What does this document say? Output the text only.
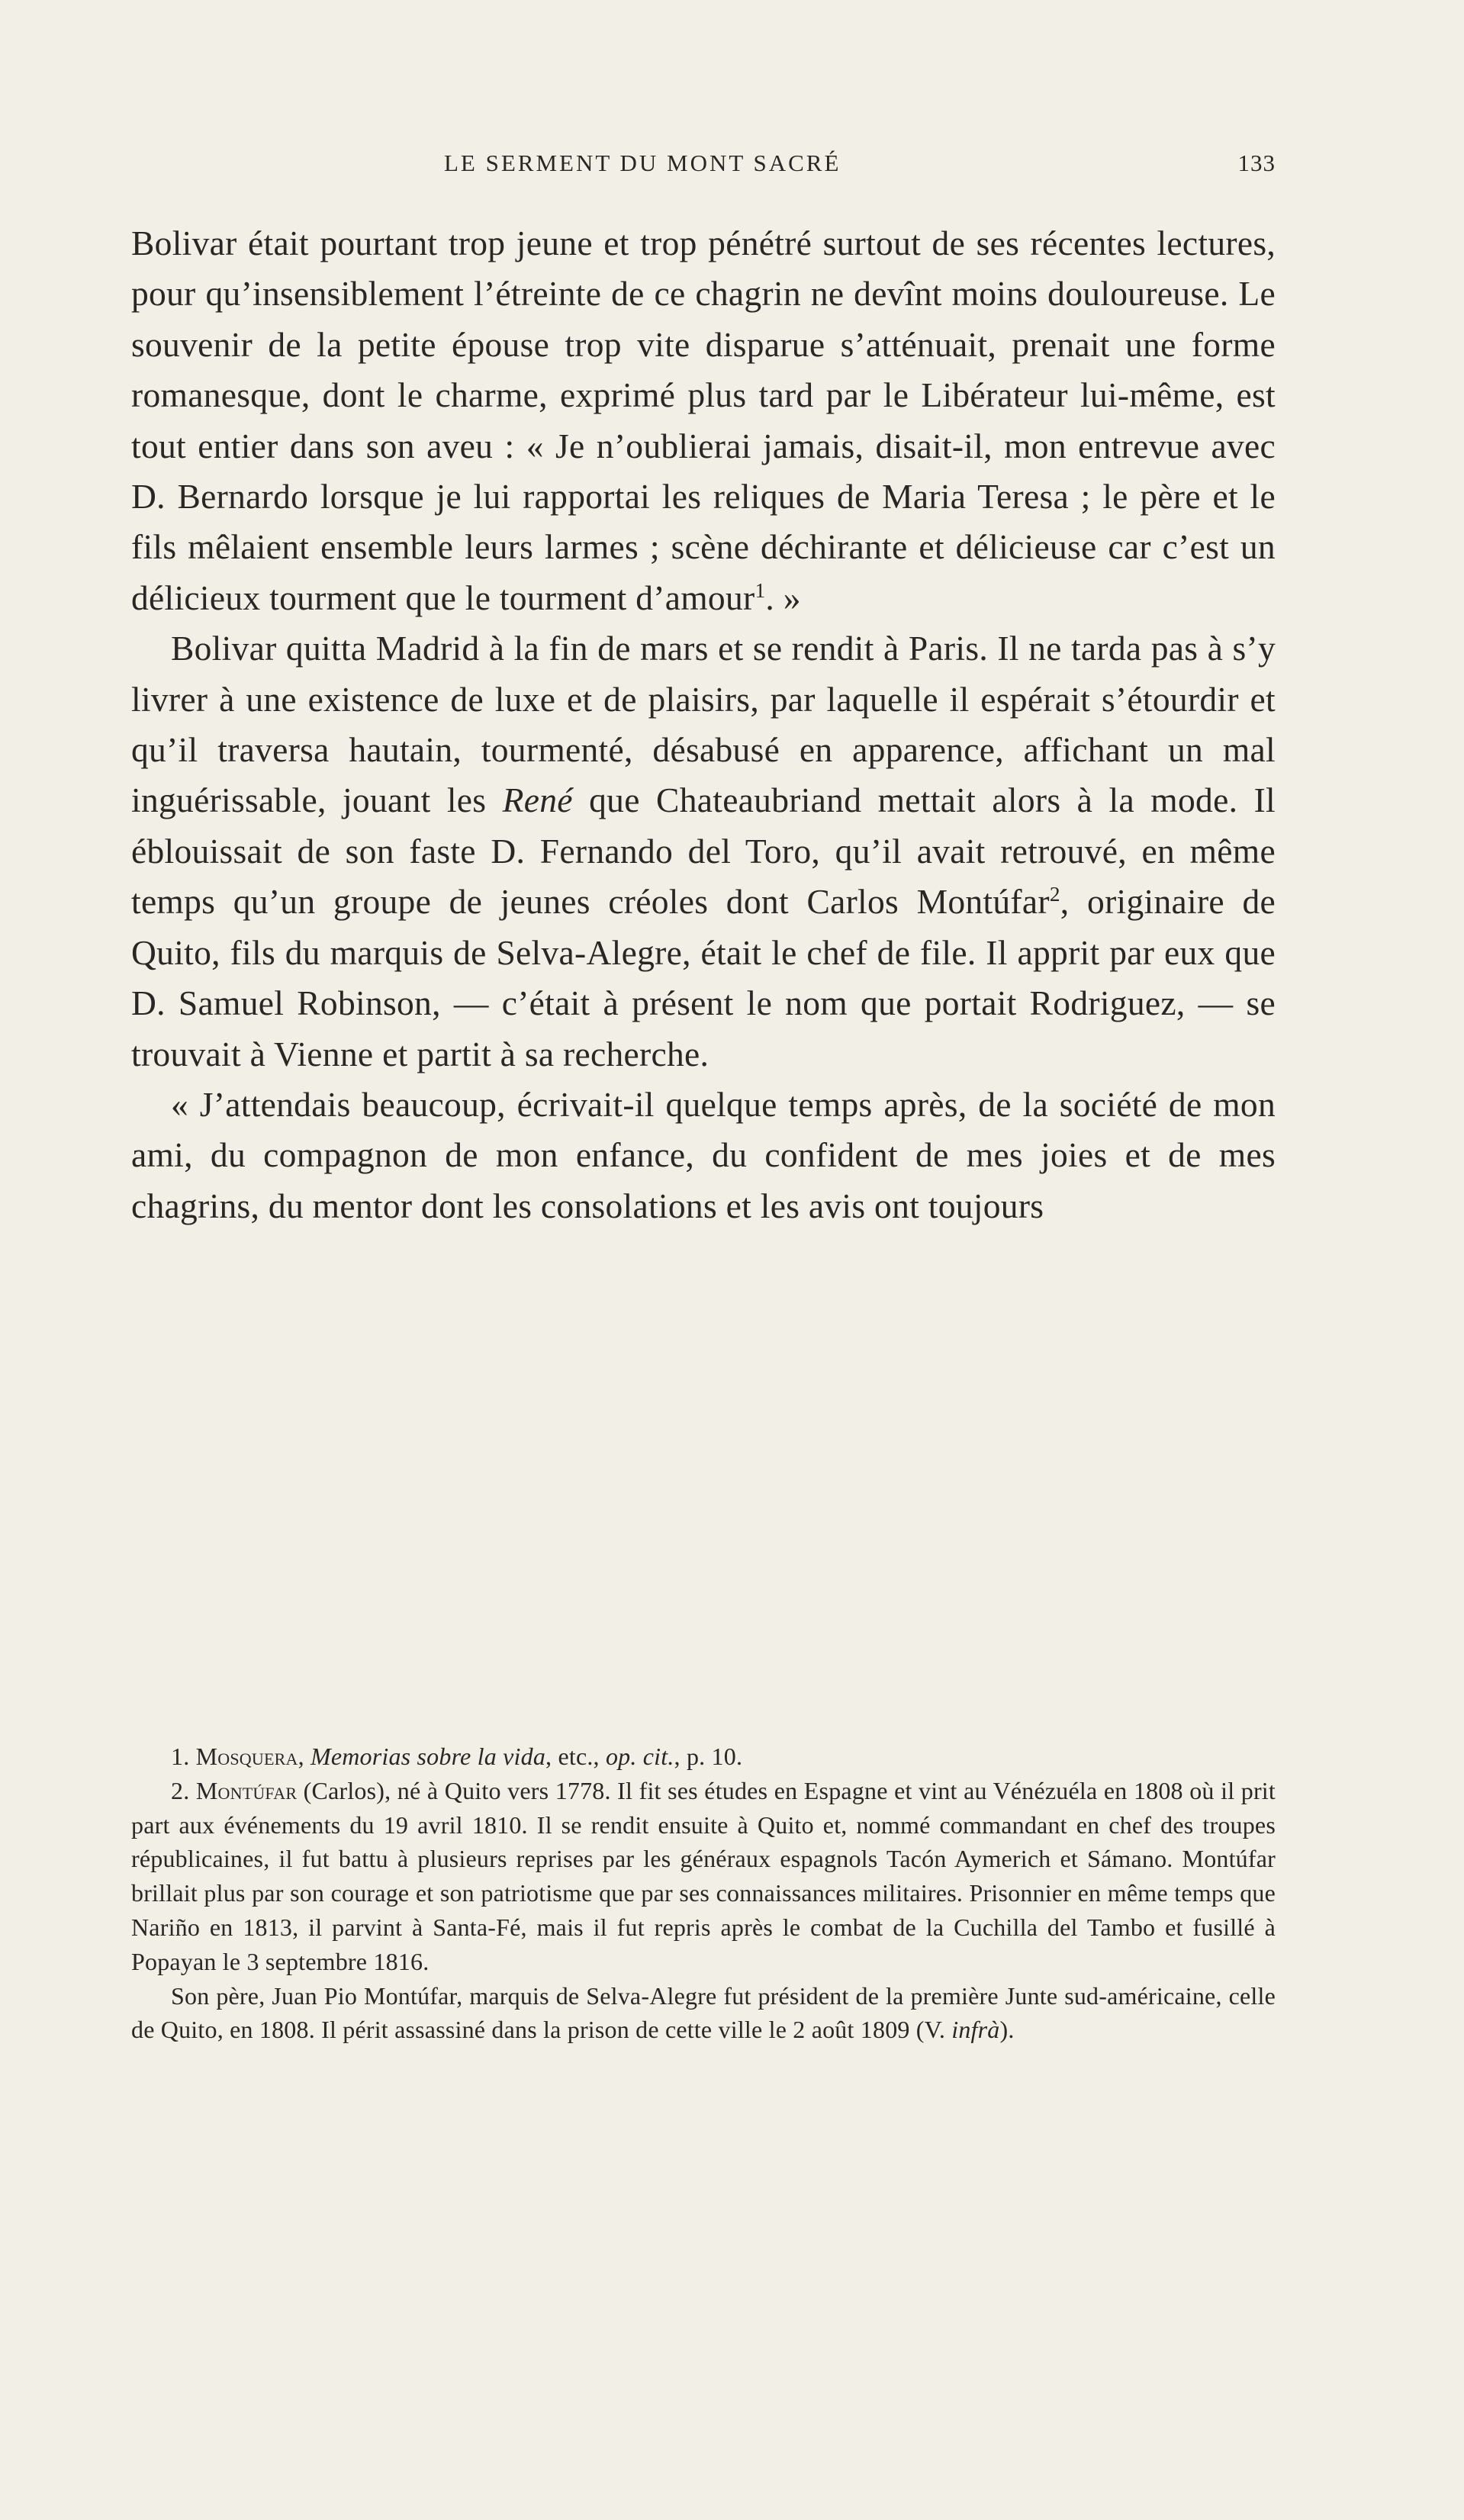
LE SERMENT DU MONT SACRÉ	133

Bolivar était pourtant trop jeune et trop pénétré surtout de ses récentes lectures, pour qu’insensiblement l’étreinte de ce chagrin ne devînt moins douloureuse. Le souvenir de la petite épouse trop vite disparue s’atténuait, prenait une forme romanesque, dont le charme, exprimé plus tard par le Libérateur lui-même, est tout entier dans son aveu : « Je n’oublierai jamais, disait-il, mon entrevue avec D. Bernardo lorsque je lui rapportai les reliques de Maria Teresa ; le père et le fils mêlaient ensemble leurs larmes ; scène déchirante et délicieuse car c’est un délicieux tourment que le tourment d’amour$^1$. »

Bolivar quitta Madrid à la fin de mars et se rendit à Paris. Il ne tarda pas à s’y livrer à une existence de luxe et de plaisirs, par laquelle il espérait s’étourdir et qu’il traversa hautain, tourmenté, désabusé en apparence, affichant un mal inguérissable, jouant les René que Chateaubriand mettait alors à la mode. Il éblouissait de son faste D. Fernando del Toro, qu’il avait retrouvé, en même temps qu’un groupe de jeunes créoles dont Carlos Montúfar$^2$, originaire de Quito, fils du marquis de Selva-Alegre, était le chef de file. Il apprit par eux que D. Samuel Robinson, — c’était à présent le nom que portait Rodriguez, — se trouvait à Vienne et partit à sa recherche.

« J’attendais beaucoup, écrivait-il quelque temps après, de la société de mon ami, du compagnon de mon enfance, du confident de mes joies et de mes chagrins, du mentor dont les consolations et les avis ont toujours

1. Mosquera, Memorias sobre la vida, etc., op. cit., p. 10.

2. Montúfar (Carlos), né à Quito vers 1778. Il fit ses études en Espagne et vint au Vénézuéla en 1808 où il prit part aux événements du 19 avril 1810. Il se rendit ensuite à Quito et, nommé commandant en chef des troupes républicaines, il fut battu à plusieurs reprises par les généraux espagnols Tacón Aymerich et Sámano. Montúfar brillait plus par son courage et son patriotisme que par ses connaissances militaires. Prisonnier en même temps que Nariño en 1813, il parvint à Santa-Fé, mais il fut repris après le combat de la Cuchilla del Tambo et fusillé à Popayan le 3 septembre 1816.

Son père, Juan Pio Montúfar, marquis de Selva-Alegre fut président de la première Junte sud-américaine, celle de Quito, en 1808. Il périt assassiné dans la prison de cette ville le 2 août 1809 (V. infrà).
